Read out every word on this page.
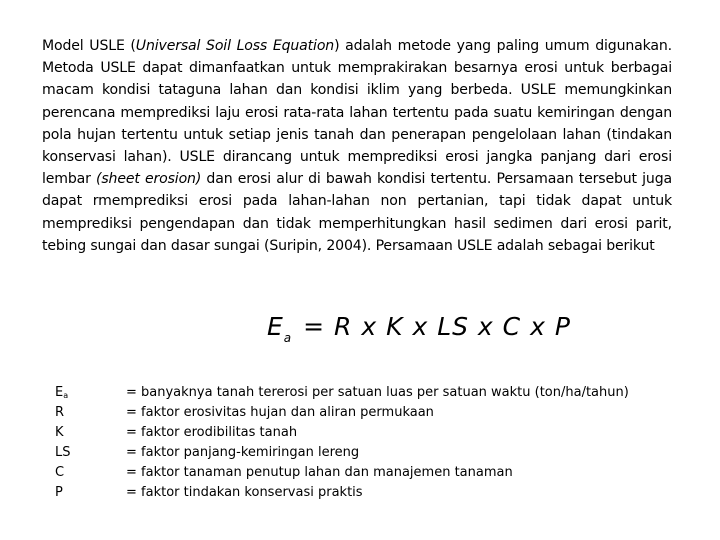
Model USLE (Universal Soil Loss Equation) adalah metode yang paling umum digunakan. Metoda USLE dapat dimanfaatkan untuk memprakirakan besarnya erosi untuk berbagai macam kondisi tataguna lahan dan kondisi iklim yang berbeda. USLE memungkinkan perencana memprediksi laju erosi rata-rata lahan tertentu pada suatu kemiringan dengan pola hujan tertentu untuk setiap jenis tanah dan penerapan pengelolaan lahan (tindakan konservasi lahan). USLE dirancang untuk memprediksi erosi jangka panjang dari erosi lembar (sheet erosion) dan erosi alur di bawah kondisi tertentu. Persamaan tersebut juga dapat rmemprediksi erosi pada lahan-lahan non pertanian, tapi tidak dapat untuk memprediksi pengendapan dan tidak memperhitungkan hasil sedimen dari erosi parit, tebing sungai dan dasar sungai (Suripin, 2004). Persamaan USLE adalah sebagai berikut

$E_a = R$ x K x LS x C x P
$E_a$	= banyaknya tanah tererosi per satuan luas per satuan waktu (ton/ha/tahun)
R	= faktor erosivitas hujan dan aliran permukaan
K	= faktor erodibilitas tanah
LS	= faktor panjang-kemiringan lereng
C	= faktor tanaman penutup lahan dan manajemen tanaman
P	= faktor tindakan konservasi praktis
